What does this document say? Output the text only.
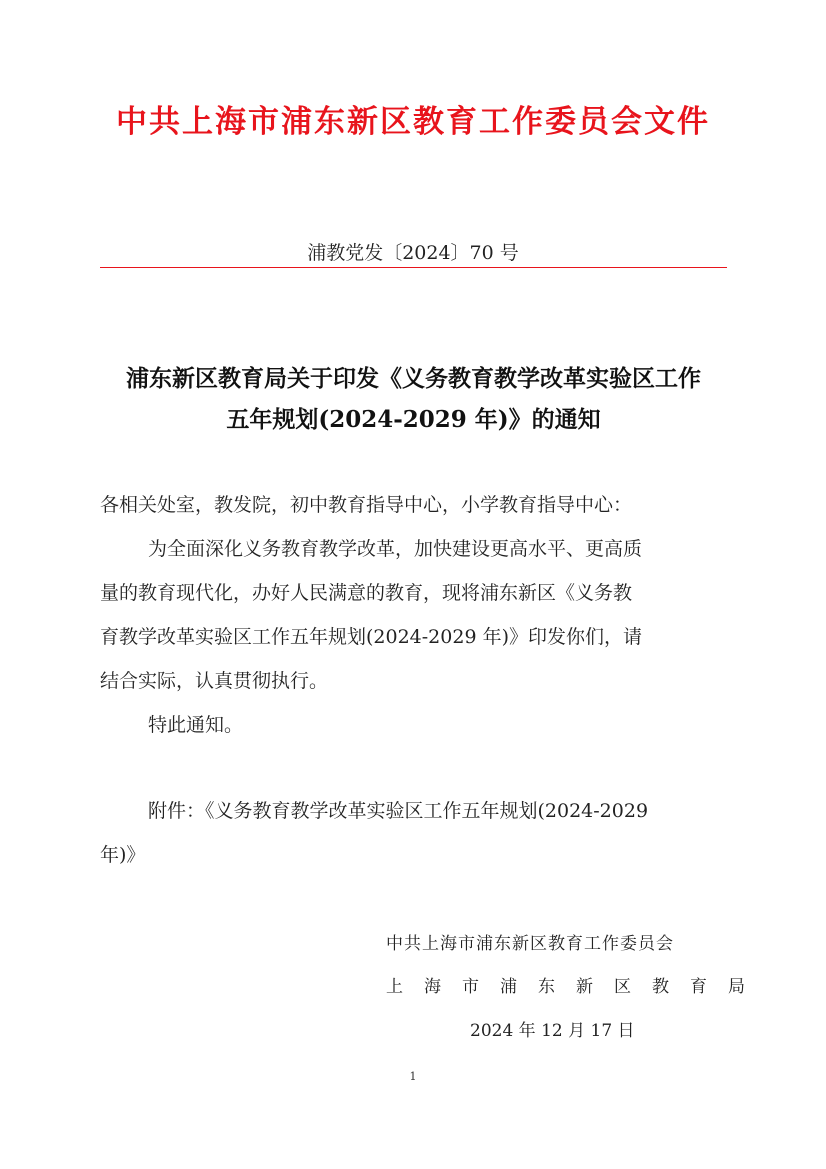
中共上海市浦东新区教育工作委员会文件
浦教党发〔2024〕70 号
浦东新区教育局关于印发《义务教育教学改革实验区工作
五年规划(2024-2029 年)》的通知
各相关处室，教发院，初中教育指导中心，小学教育指导中心：
为全面深化义务教育教学改革，加快建设更高水平、更高质
量的教育现代化，办好人民满意的教育，现将浦东新区《义务教
育教学改革实验区工作五年规划(2024-2029 年)》印发你们，请
结合实际，认真贯彻执行。
特此通知。
附件：《义务教育教学改革实验区工作五年规划(2024-2029
年)》
中共上海市浦东新区教育工作委员会
上海市浦东新区教育局
2024 年 12 月 17 日
1
